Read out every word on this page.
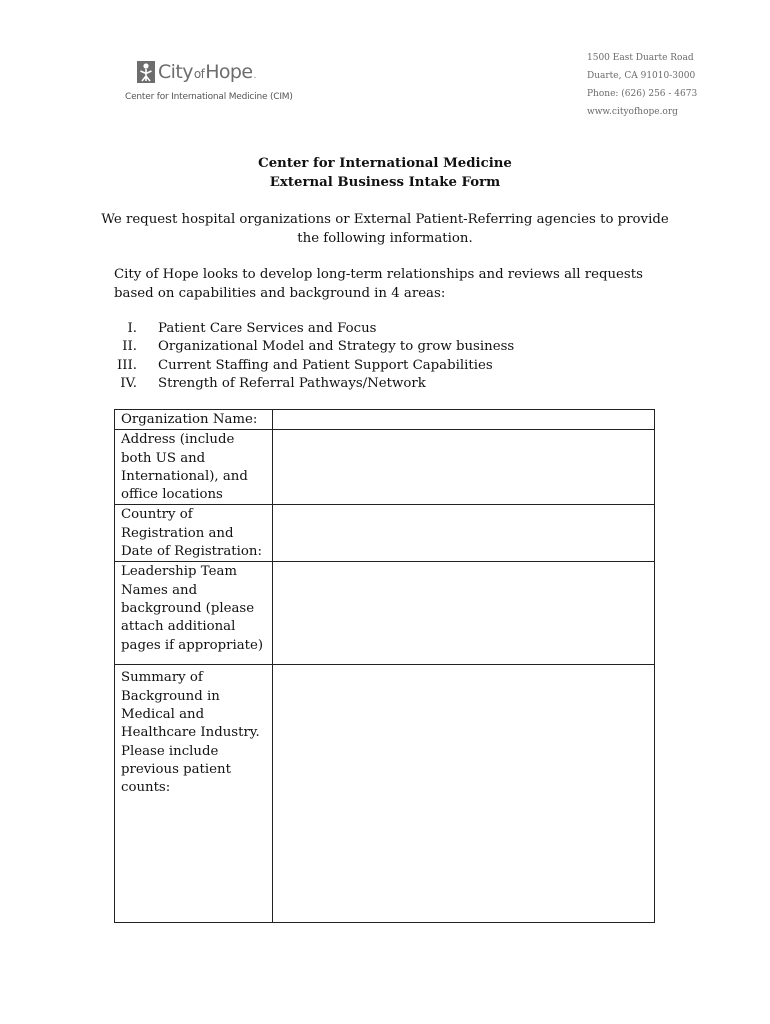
City of Hope .
Center for International Medicine (CIM)
1500 East Duarte Road
Duarte, CA 91010-3000
Phone: (626) 256 - 4673
www.cityofhope.org
Center for International Medicine
External Business Intake Form
We request hospital organizations or External Patient-Referring agencies to provide the following information.
City of Hope looks to develop long-term relationships and reviews all requests based on capabilities and background in 4 areas:
I. Patient Care Services and Focus
II. Organizational Model and Strategy to grow business
III. Current Staffing and Patient Support Capabilities
IV. Strength of Referral Pathways/Network
Organization Name:	
Address (include both US and International), and office locations	
Country of Registration and Date of Registration:	
Leadership Team Names and background (please attach additional pages if appropriate)	
Summary of Background in Medical and Healthcare Industry. Please include previous patient counts:	
